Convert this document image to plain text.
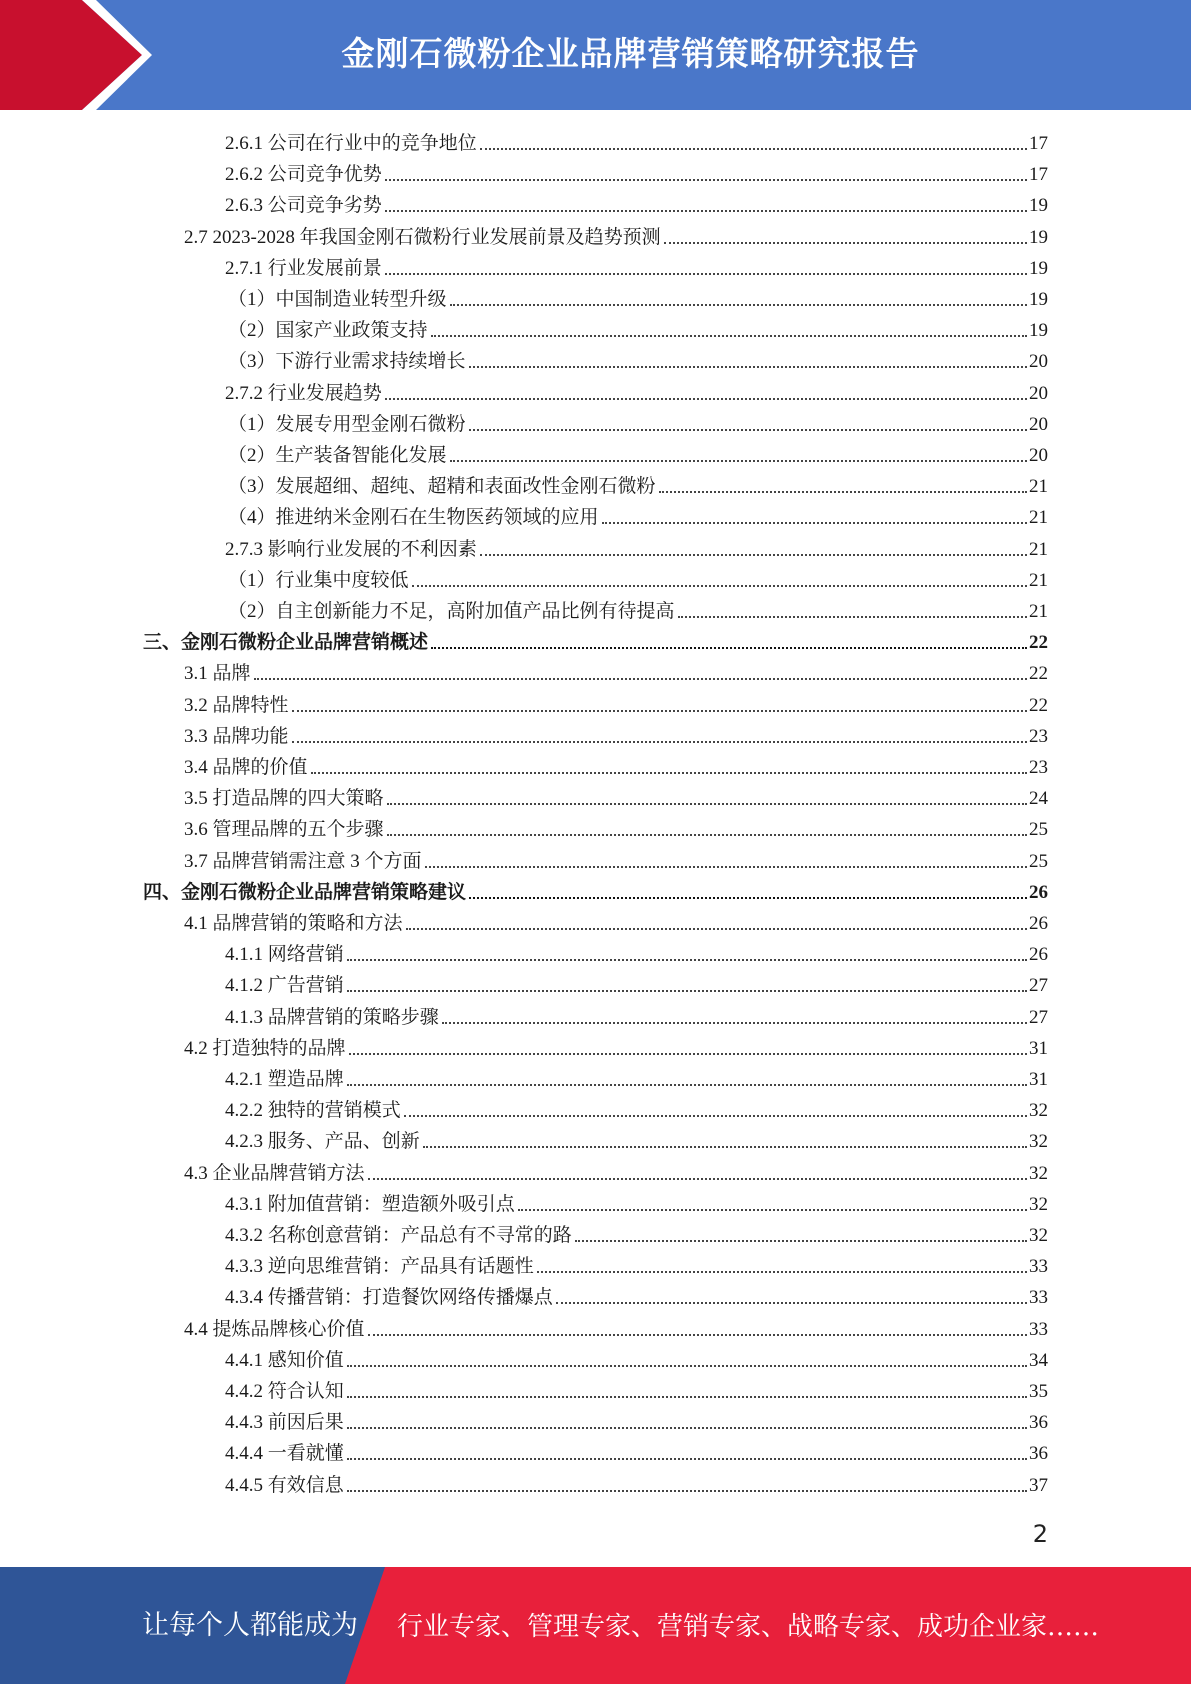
金刚石微粉企业品牌营销策略研究报告
2.6.1 公司在行业中的竞争地位	17
2.6.2 公司竞争优势	17
2.6.3 公司竞争劣势	19
2.7 2023-2028 年我国金刚石微粉行业发展前景及趋势预测	19
2.7.1 行业发展前景	19
（1）中国制造业转型升级	19
（2）国家产业政策支持	19
（3）下游行业需求持续增长	20
2.7.2 行业发展趋势	20
（1）发展专用型金刚石微粉	20
（2）生产装备智能化发展	20
（3）发展超细、超纯、超精和表面改性金刚石微粉	21
（4）推进纳米金刚石在生物医药领域的应用	21
2.7.3 影响行业发展的不利因素	21
（1）行业集中度较低	21
（2）自主创新能力不足，高附加值产品比例有待提高	21
三、金刚石微粉企业品牌营销概述	22
3.1 品牌	22
3.2 品牌特性	22
3.3 品牌功能	23
3.4 品牌的价值	23
3.5 打造品牌的四大策略	24
3.6 管理品牌的五个步骤	25
3.7 品牌营销需注意 3 个方面	25
四、金刚石微粉企业品牌营销策略建议	26
4.1 品牌营销的策略和方法	26
4.1.1 网络营销	26
4.1.2 广告营销	27
4.1.3 品牌营销的策略步骤	27
4.2 打造独特的品牌	31
4.2.1 塑造品牌	31
4.2.2 独特的营销模式	32
4.2.3 服务、产品、创新	32
4.3 企业品牌营销方法	32
4.3.1 附加值营销：塑造额外吸引点	32
4.3.2 名称创意营销：产品总有不寻常的路	32
4.3.3 逆向思维营销：产品具有话题性	33
4.3.4 传播营销：打造餐饮网络传播爆点	33
4.4 提炼品牌核心价值	33
4.4.1 感知价值	34
4.4.2 符合认知	35
4.4.3 前因后果	36
4.4.4 一看就懂	36
4.4.5 有效信息	37

2

让每个人都能成为 行业专家、管理专家、营销专家、战略专家、成功企业家……
